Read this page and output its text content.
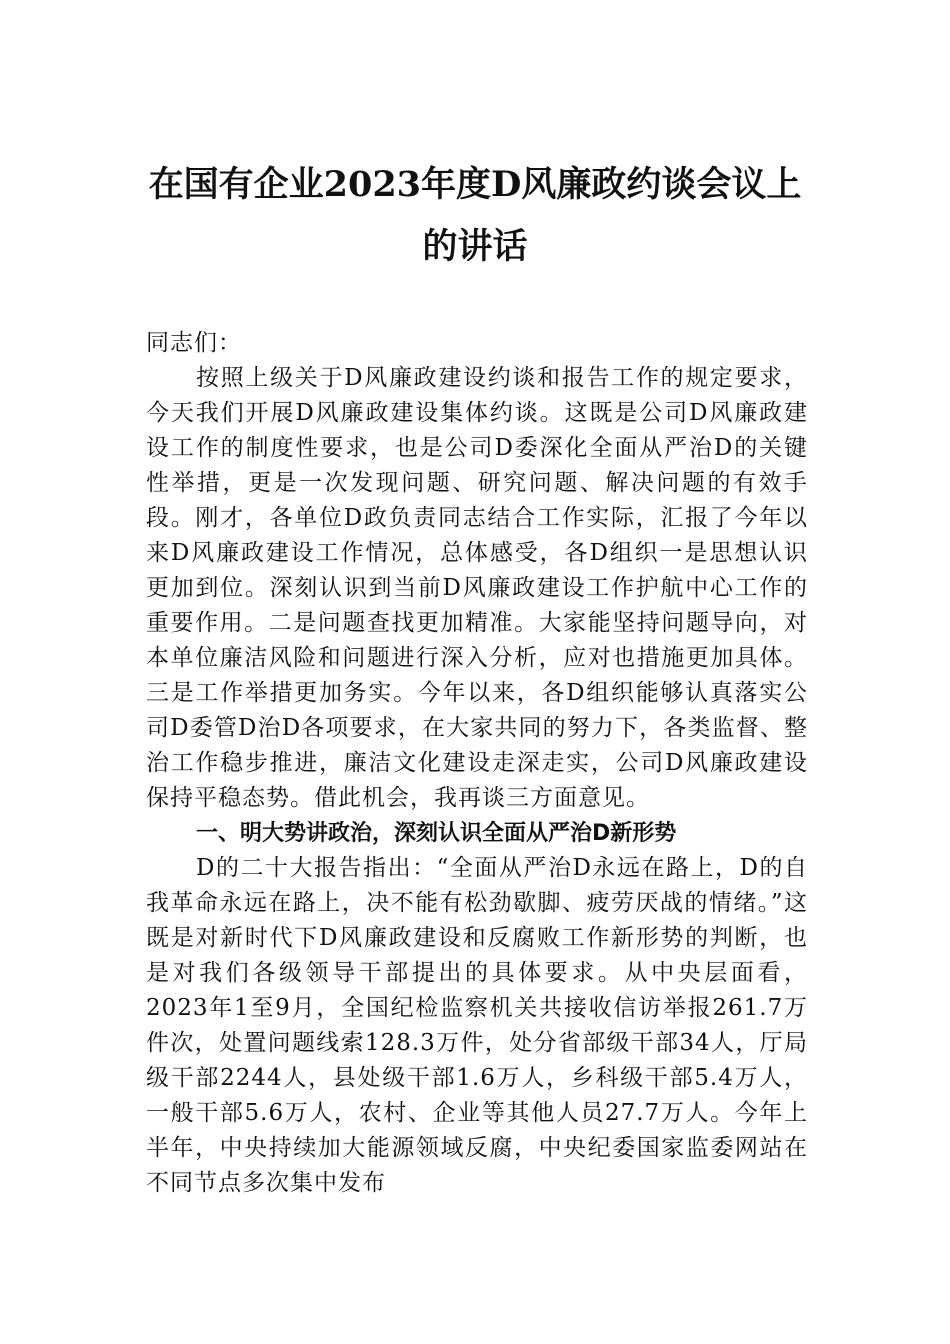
在国有企业2023年度D风廉政约谈会议上的讲话

同志们：

按照上级关于D风廉政建设约谈和报告工作的规定要求，今天我们开展D风廉政建设集体约谈。这既是公司D风廉政建设工作的制度性要求，也是公司D委深化全面从严治D的关键性举措，更是一次发现问题、研究问题、解决问题的有效手段。刚才，各单位D政负责同志结合工作实际，汇报了今年以来D风廉政建设工作情况，总体感受，各D组织一是思想认识更加到位。深刻认识到当前D风廉政建设工作护航中心工作的重要作用。二是问题查找更加精准。大家能坚持问题导向，对本单位廉洁风险和问题进行深入分析，应对也措施更加具体。三是工作举措更加务实。今年以来，各D组织能够认真落实公司D委管D治D各项要求，在大家共同的努力下，各类监督、整治工作稳步推进，廉洁文化建设走深走实，公司D风廉政建设保持平稳态势。借此机会，我再谈三方面意见。

一、明大势讲政治，深刻认识全面从严治D新形势

D的二十大报告指出：“全面从严治D永远在路上，D的自我革命永远在路上，决不能有松劲歇脚、疲劳厌战的情绪。”这既是对新时代下D风廉政建设和反腐败工作新形势的判断，也是对我们各级领导干部提出的具体要求。从中央层面看，2023年1至9月，全国纪检监察机关共接收信访举报261.7万件次，处置问题线索128.3万件，处分省部级干部34人，厅局级干部2244人，县处级干部1.6万人，乡科级干部5.4万人，一般干部5.6万人，农村、企业等其他人员27.7万人。今年上半年，中央持续加大能源领域反腐，中央纪委国家监委网站在不同节点多次集中发布
